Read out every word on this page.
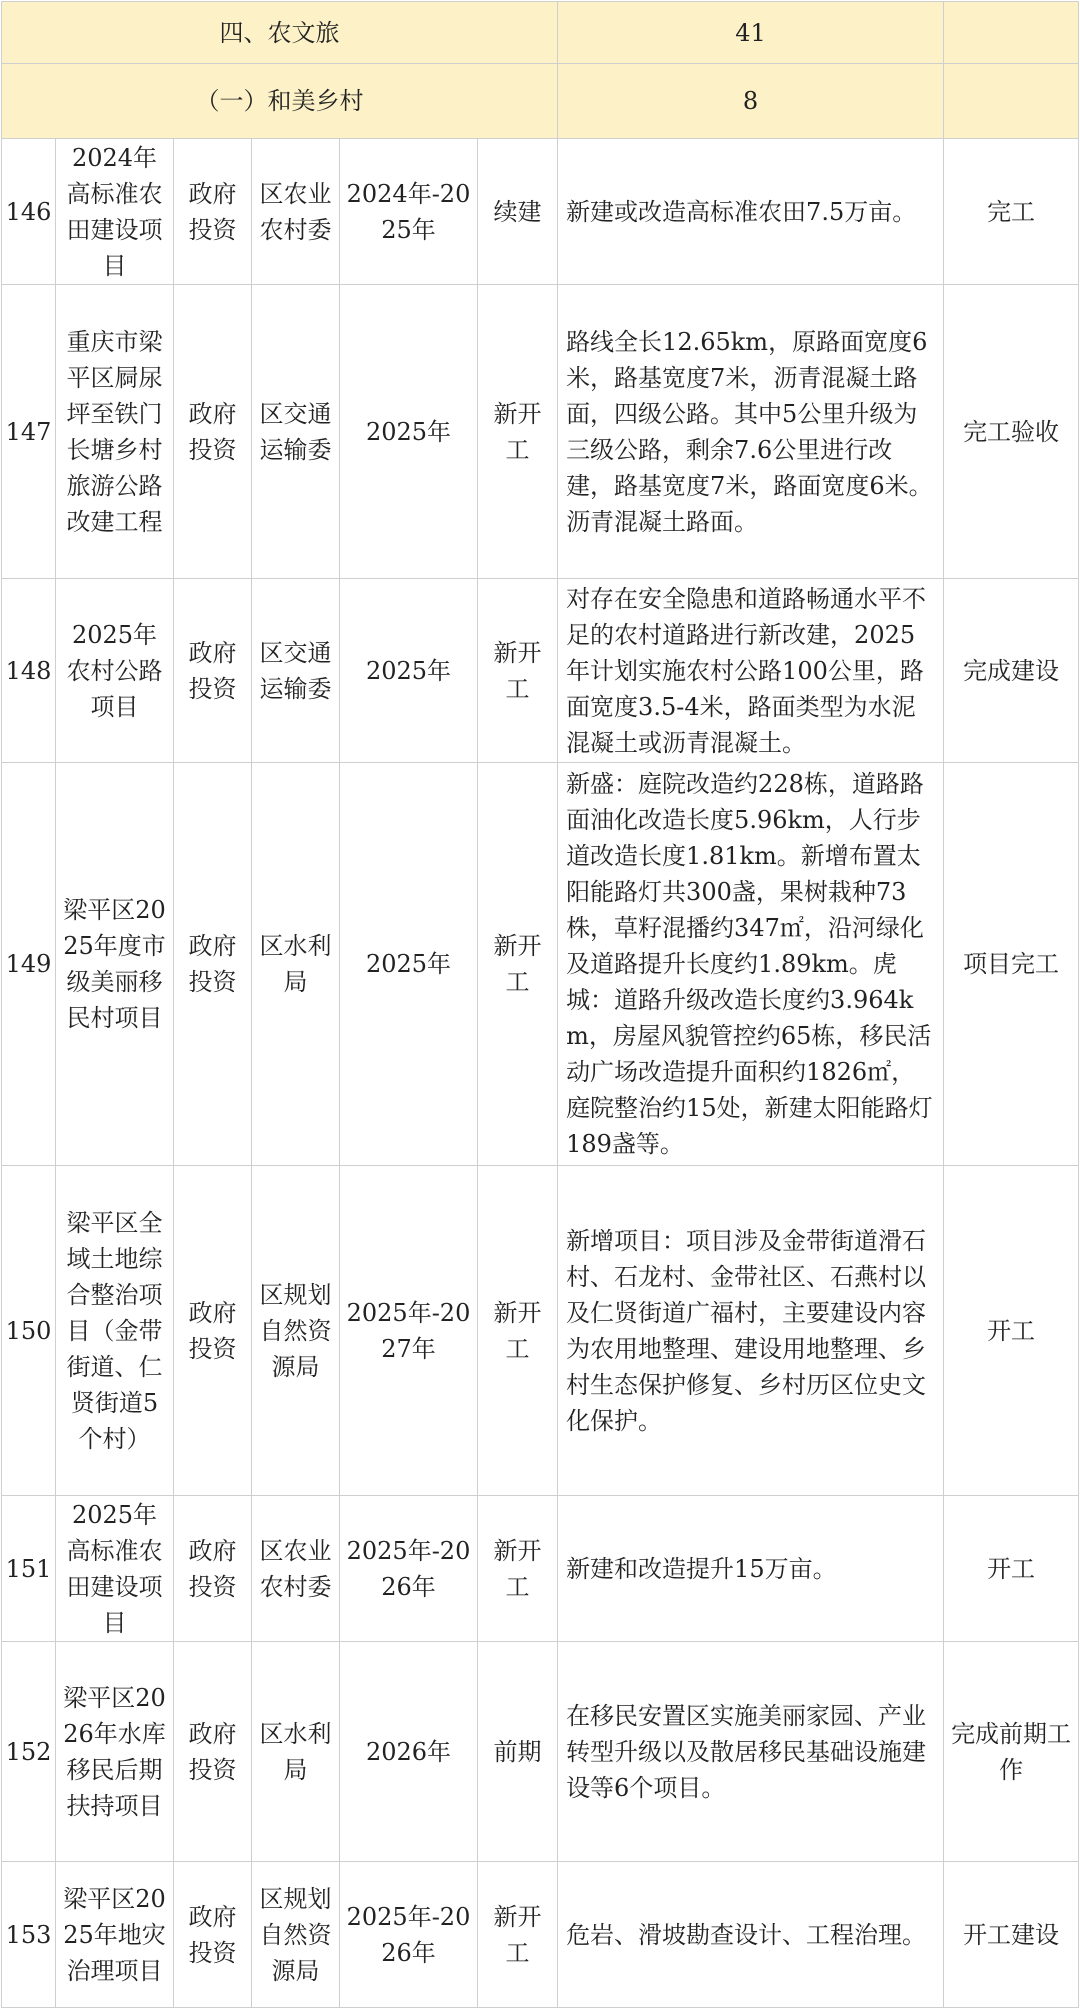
四、农文旅						41	
（一）和美乡村						8	
146	2024年高标准农田建设项目	政府投资	区农业农村委	2024年-2025年	续建	新建或改造高标准农田7.5万亩。	完工
147	重庆市梁平区屙尿坪至铁门长塘乡村旅游公路改建工程	政府投资	区交通运输委	2025年	新开工	路线全长12.65km，原路面宽度6米，路基宽度7米，沥青混凝土路面，四级公路。其中5公里升级为三级公路，剩余7.6公里进行改建，路基宽度7米，路面宽度6米。沥青混凝土路面。	完工验收
148	2025年农村公路项目	政府投资	区交通运输委	2025年	新开工	对存在安全隐患和道路畅通水平不足的农村道路进行新改建，2025年计划实施农村公路100公里，路面宽度3.5-4米，路面类型为水泥混凝土或沥青混凝土。	完成建设
149	梁平区2025年度市级美丽移民村项目	政府投资	区水利局	2025年	新开工	新盛：庭院改造约228栋，道路路面油化改造长度5.96km，人行步道改造长度1.81km。新增布置太阳能路灯共300盏，果树栽种73株，草籽混播约347㎡，沿河绿化及道路提升长度约1.89km。虎城：道路升级改造长度约3.964km，房屋风貌管控约65栋，移民活动广场改造提升面积约1826㎡，庭院整治约15处，新建太阳能路灯189盏等。	项目完工
150	梁平区全域土地综合整治项目（金带街道、仁贤街道5个村）	政府投资	区规划自然资源局	2025年-2027年	新开工	新增项目：项目涉及金带街道滑石村、石龙村、金带社区、石燕村以及仁贤街道广福村，主要建设内容为农用地整理、建设用地整理、乡村生态保护修复、乡村历区位史文化保护。	开工
151	2025年高标准农田建设项目	政府投资	区农业农村委	2025年-2026年	新开工	新建和改造提升15万亩。	开工
152	梁平区2026年水库移民后期扶持项目	政府投资	区水利局	2026年	前期	在移民安置区实施美丽家园、产业转型升级以及散居移民基础设施建设等6个项目。	完成前期工作
153	梁平区2025年地灾治理项目	政府投资	区规划自然资源局	2025年-2026年	新开工	危岩、滑坡勘查设计、工程治理。	开工建设
